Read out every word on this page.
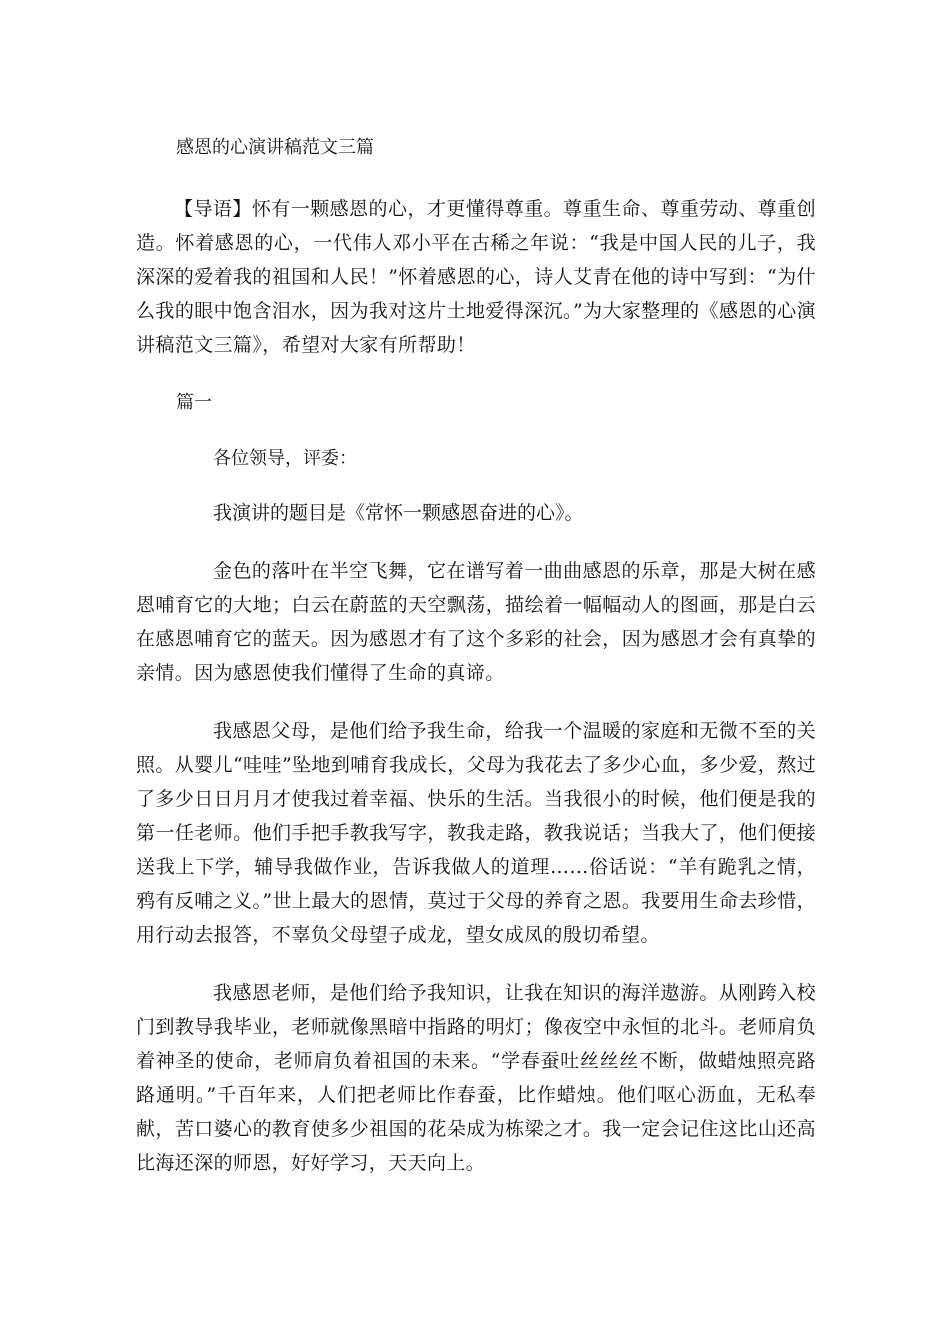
感恩的心演讲稿范文三篇

【导语】怀有一颗感恩的心，才更懂得尊重。尊重生命、尊重劳动、尊重创造。怀着感恩的心，一代伟人邓小平在古稀之年说：“我是中国人民的儿子，我深深的爱着我的祖国和人民！”怀着感恩的心，诗人艾青在他的诗中写到：“为什么我的眼中饱含泪水，因为我对这片土地爱得深沉。”为大家整理的《感恩的心演讲稿范文三篇》，希望对大家有所帮助！

篇一
各位领导，评委：
我演讲的题目是《常怀一颗感恩奋进的心》。

金色的落叶在半空飞舞，它在谱写着一曲曲感恩的乐章，那是大树在感恩哺育它的大地；白云在蔚蓝的天空飘荡，描绘着一幅幅动人的图画，那是白云在感恩哺育它的蓝天。因为感恩才有了这个多彩的社会，因为感恩才会有真挚的亲情。因为感恩使我们懂得了生命的真谛。

我感恩父母，是他们给予我生命，给我一个温暖的家庭和无微不至的关照。从婴儿“哇哇”坠地到哺育我成长，父母为我花去了多少心血，多少爱，熬过了多少日日月月才使我过着幸福、快乐的生活。当我很小的时候，他们便是我的第一任老师。他们手把手教我写字，教我走路，教我说话；当我大了，他们便接送我上下学，辅导我做作业，告诉我做人的道理……俗话说：“羊有跪乳之情，鸦有反哺之义。”世上最大的恩情，莫过于父母的养育之恩。我要用生命去珍惜，用行动去报答，不辜负父母望子成龙，望女成凤的殷切希望。

我感恩老师，是他们给予我知识，让我在知识的海洋遨游。从刚跨入校门到教导我毕业，老师就像黑暗中指路的明灯；像夜空中永恒的北斗。老师肩负着神圣的使命，老师肩负着祖国的未来。“学春蚕吐丝丝丝不断，做蜡烛照亮路路通明。”千百年来，人们把老师比作春蚕，比作蜡烛。他们呕心沥血，无私奉献，苦口婆心的教育使多少祖国的花朵成为栋梁之才。我一定会记住这比山还高比海还深的师恩，好好学习，天天向上。
